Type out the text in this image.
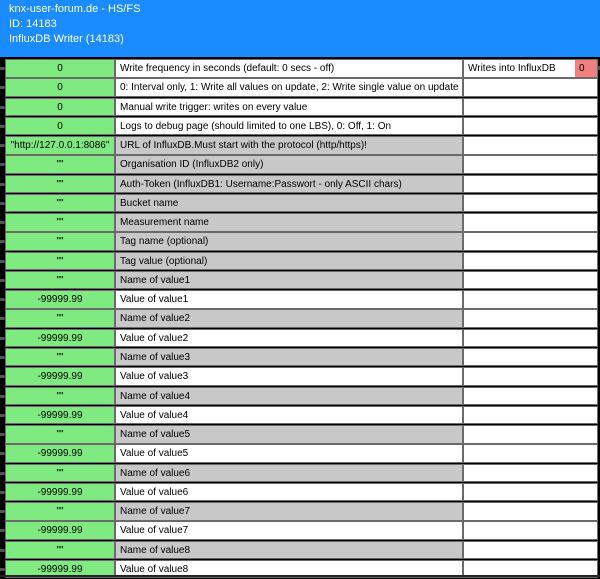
knx-user-forum.de - HS/FS
ID: 14183
InfluxDB Writer (14183)
0	Write frequency in seconds (default: 0 secs - off)	Writes into InfluxDB	0
0	0: Interval only, 1: Write all values on update, 2: Write single value on update
0	Manual write trigger: writes on every value
0	Logs to debug page (should limited to one LBS), 0: Off, 1: On
"http://127.0.0.1:8086"	URL of InfluxDB.Must start with the protocol (http/https)!
""	Organisation ID (InfluxDB2 only)
""	Auth-Token (InfluxDB1: Username:Passwort - only ASCII chars)
""	Bucket name
""	Measurement name
""	Tag name (optional)
""	Tag value (optional)
""	Name of value1
-99999.99	Value of value1
""	Name of value2
-99999.99	Value of value2
""	Name of value3
-99999.99	Value of value3
""	Name of value4
-99999.99	Value of value4
""	Name of value5
-99999.99	Value of value5
""	Name of value6
-99999.99	Value of value6
""	Name of value7
-99999.99	Value of value7
""	Name of value8
-99999.99	Value of value8
